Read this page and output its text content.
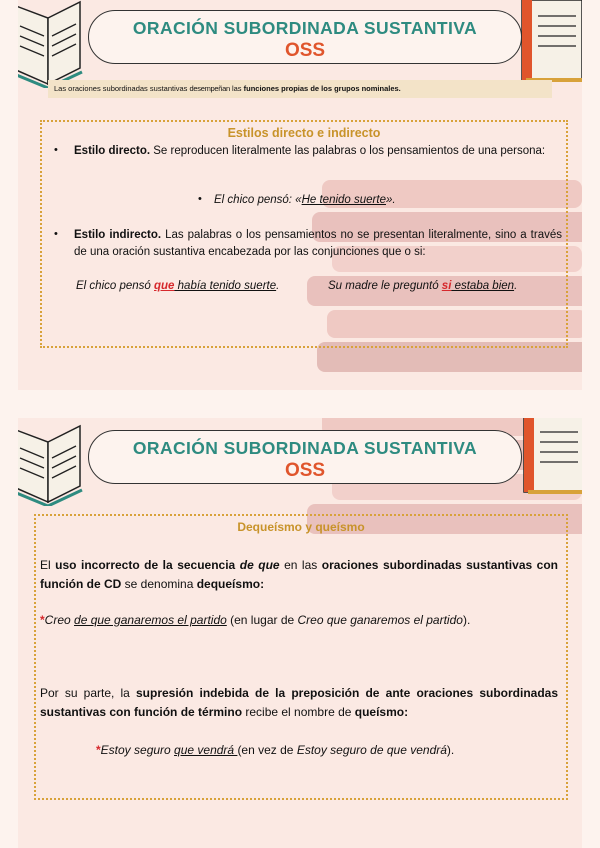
ORACIÓN SUBORDINADA SUSTANTIVA
OSS
Las oraciones subordinadas sustantivas desempeñan las funciones propias de los grupos nominales.
Estilos directo e indirecto
• Estilo directo. Se reproducen literalmente las palabras o los pensamientos de una persona:
• El chico pensó: «He tenido suerte».
• Estilo indirecto. Las palabras o los pensamientos no se presentan literalmente, sino a través de una oración sustantiva encabezada por las conjunciones que o si:
El chico pensó que había tenido suerte.	Su madre le preguntó si estaba bien.
ORACIÓN SUBORDINADA SUSTANTIVA
OSS
Dequeísmo y queísmo
El uso incorrecto de la secuencia de que en las oraciones subordinadas sustantivas con función de CD se denomina dequeísmo:
*Creo de que ganaremos el partido (en lugar de Creo que ganaremos el partido).
Por su parte, la supresión indebida de la preposición de ante oraciones subordinadas sustantivas con función de término recibe el nombre de queísmo:
*Estoy seguro que vendrá (en vez de Estoy seguro de que vendrá).
